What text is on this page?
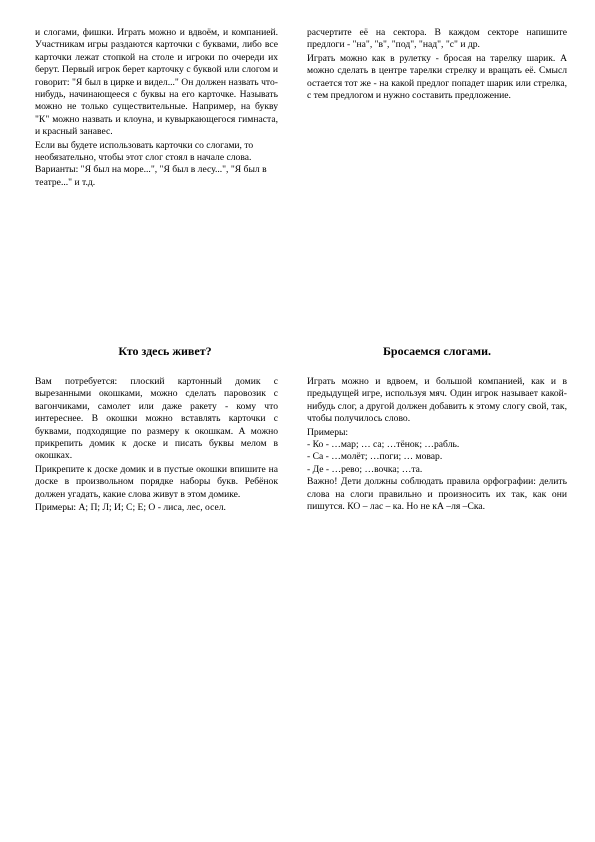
и слогами, фишки. Играть можно и вдвоём, и компанией. Участникам игры раздаются карточки с буквами, либо все карточки лежат стопкой на столе и игроки по очереди их берут. Первый игрок берет карточку с буквой или слогом и говорит: "Я был в цирке и видел..." Он должен назвать что-нибудь, начинающееся с буквы на его карточке. Называть можно не только существительные. Например, на букву "К" можно назвать и клоуна, и кувыркающегося гимнаста, и красный занавес.

Если вы будете использовать карточки со слогами, то необязательно, чтобы этот слог стоял в начале слова.

Варианты: "Я был на море...", "Я был в лесу...", "Я был в театре..." и т.д.

расчертите её на сектора. В каждом секторе напишите предлоги - "на", "в", "под", "над", "с" и др.

Играть можно как в рулетку - бросая на тарелку шарик. А можно сделать в центре тарелки стрелку и вращать её. Смысл остается тот же - на какой предлог попадет шарик или стрелка, с тем предлогом и нужно составить предложение.

Кто здесь живет?	Бросаемся слогами.

Вам потребуется: плоский картонный домик с вырезанными окошками, можно сделать паровозик с вагончиками, самолет или даже ракету - кому что интереснее. В окошки можно вставлять карточки с буквами, подходящие по размеру к окошкам. А можно прикрепить домик к доске и писать буквы мелом в окошках.

Прикрепите к доске домик и в пустые окошки впишите на доске в произвольном порядке наборы букв. Ребёнок должен угадать, какие слова живут в этом домике.

Примеры: А; П; Л; И; С; Е; О - лиса, лес, осел.

Играть можно и вдвоем, и большой компанией, как и в предыдущей игре, используя мяч. Один игрок называет какой-нибудь слог, а другой должен добавить к этому слогу свой, так, чтобы получилось слово.

Примеры:

- Ко - …мар; … са; …тёнок; …рабль.

- Са - …молёт; …поги; … мовар.

- Де - …рево; …вочка; …та.

Важно! Дети должны соблюдать правила орфографии: делить слова на слоги правильно и произносить их так, как они пишутся. КО – лас – ка. Но не кА –ля –Ска.
